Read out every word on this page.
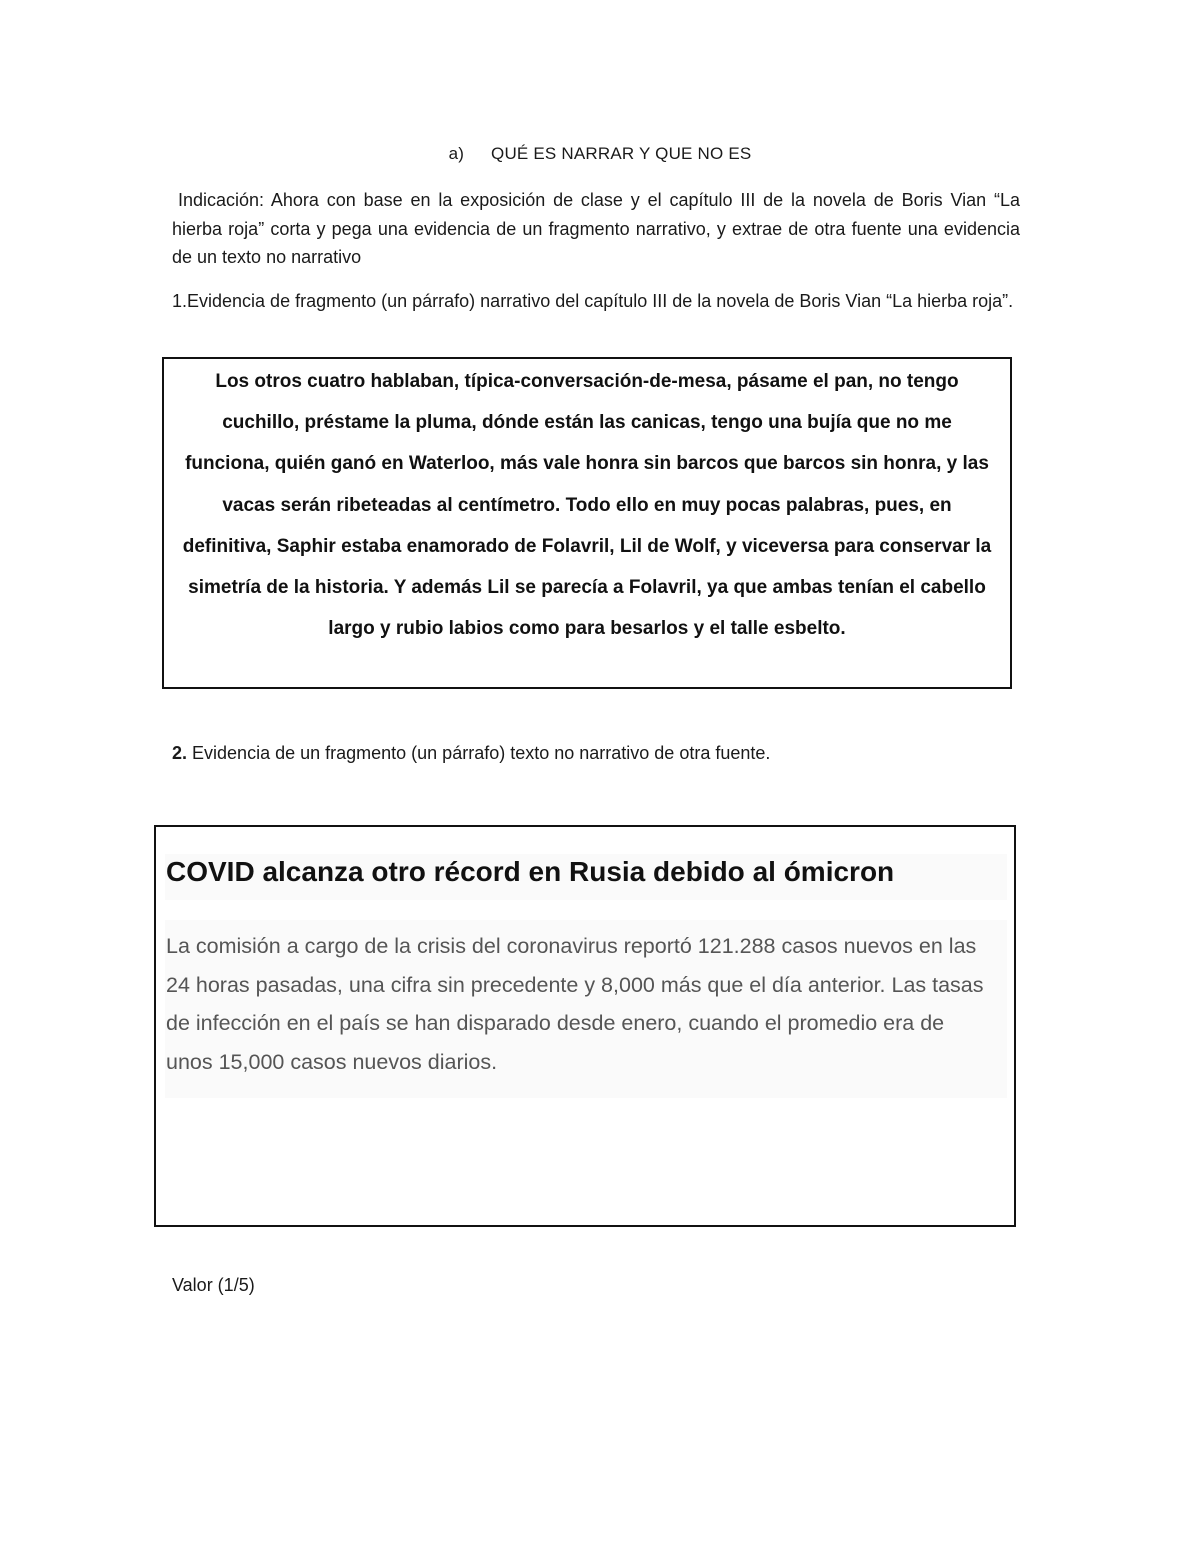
a) QUÉ ES NARRAR Y QUE NO ES
Indicación: Ahora con base en la exposición de clase y el capítulo III de la novela de Boris Vian “La hierba roja” corta y pega una evidencia de un fragmento narrativo, y extrae de otra fuente una evidencia de un texto no narrativo
1.Evidencia de fragmento (un párrafo) narrativo del capítulo III de la novela de Boris Vian “La hierba roja”.

Los otros cuatro hablaban, típica-conversación-de-mesa, pásame el pan, no tengo cuchillo, préstame la pluma, dónde están las canicas, tengo una bujía que no me funciona, quién ganó en Waterloo, más vale honra sin barcos que barcos sin honra, y las vacas serán ribeteadas al centímetro. Todo ello en muy pocas palabras, pues, en definitiva, Saphir estaba enamorado de Folavril, Lil de Wolf, y viceversa para conservar la simetría de la historia. Y además Lil se parecía a Folavril, ya que ambas tenían el cabello largo y rubio labios como para besarlos y el talle esbelto.

2. Evidencia de un fragmento (un párrafo) texto no narrativo de otra fuente.
COVID alcanza otro récord en Rusia debido al ómicron
La comisión a cargo de la crisis del coronavirus reportó 121.288 casos nuevos en las 24 horas pasadas, una cifra sin precedente y 8,000 más que el día anterior. Las tasas de infección en el país se han disparado desde enero, cuando el promedio era de unos 15,000 casos nuevos diarios.
Valor (1/5)
